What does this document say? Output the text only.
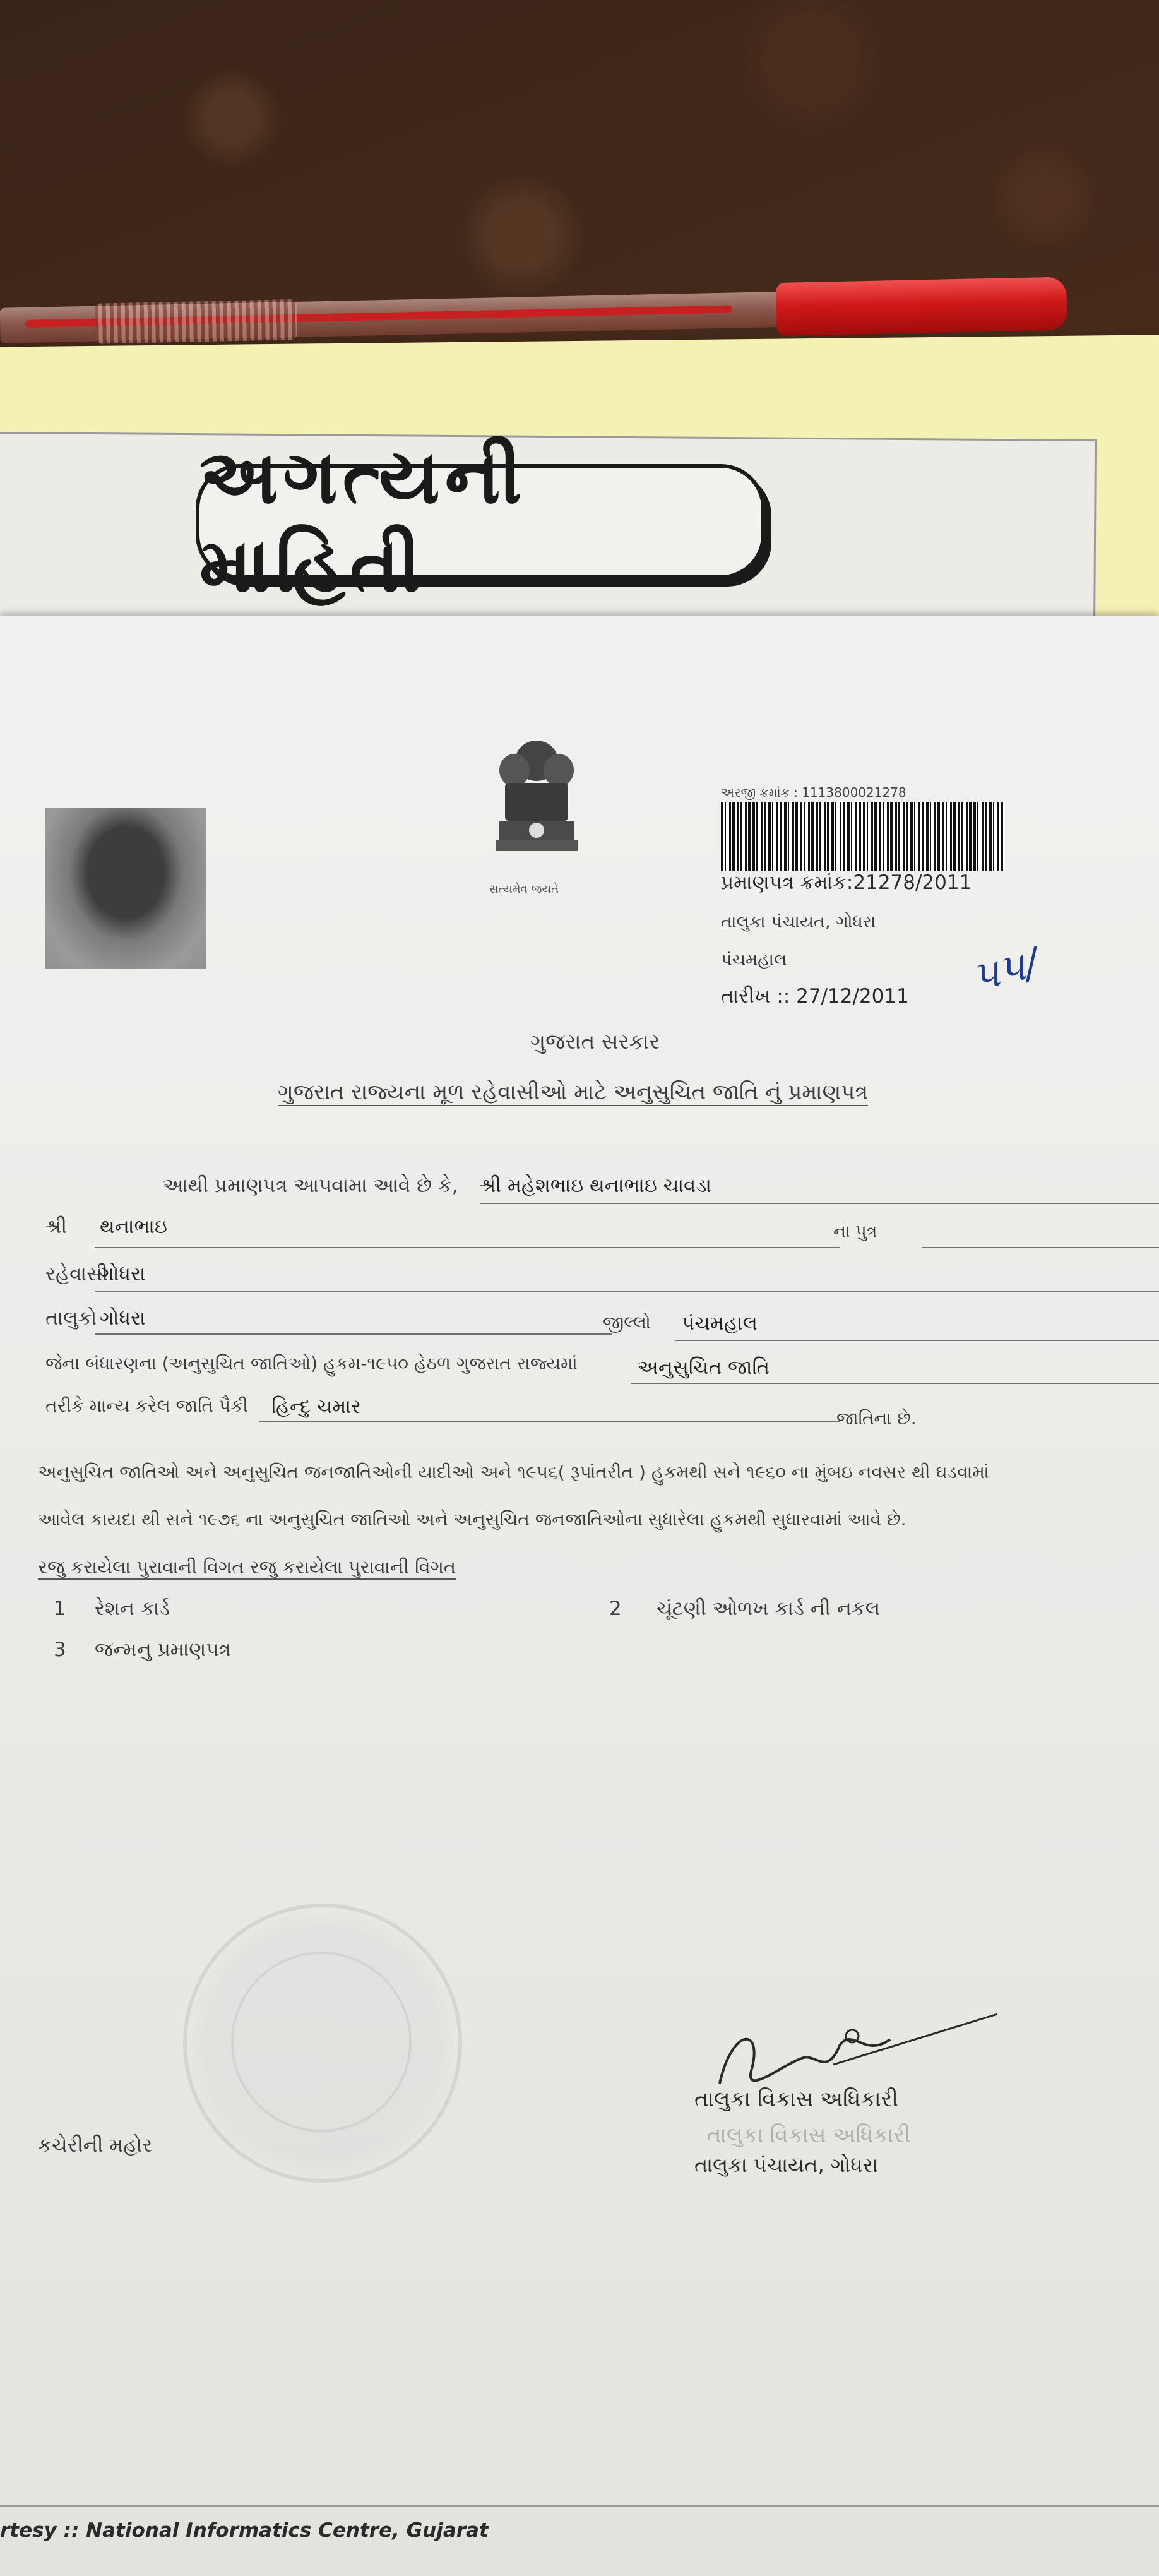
અગત્યની માહિતી
સત્યમેવ જયતે
અરજી ક્રમાંક : 1113800021278
પ્રમાણપત્ર ક્રમાંક:21278/2011
તાલુકા પંચાયત, ગોધરા
પંચમહાલ
તારીખ :: 27/12/2011 ૫૫/
ગુજરાત સરકાર
ગુજરાત રાજ્યના મૂળ રહેવાસીઓ માટે અનુસુચિત જાતિ નું પ્રમાણપત્ર
આથી પ્રમાણપત્ર આપવામા આવે છે કે, શ્રી મહેશભાઇ થનાભાઇ ચાવડા
શ્રી થનાભાઇ	ના પુત્ર
રહેવાસી
ગોધરા
તાલુકો ગોધરા	જીલ્લો પંચમહાલ
જેના બંધારણના (અનુસુચિત જાતિઓ) હુકમ-૧૯૫૦ હેઠળ ગુજરાત રાજ્યમાં	અનુસુચિત જાતિ
તરીકે માન્ય કરેલ જાતિ પૈકી હિન્દુ ચમાર
જાતિના છે.
અનુસુચિત જાતિઓ અને અનુસુચિત જનજાતિઓની યાદીઓ અને ૧૯૫૬( રૂપાંતરીત ) હુકમથી સને ૧૯૬૦ ના મુંબઇ નવસર થી ઘડવામાં
આવેલ કાયદા થી સને ૧૯૭૬ ના અનુસુચિત જાતિઓ અને અનુસુચિત જનજાતિઓના સુધારેલા હુકમથી સુધારવામાં આવે છે.
રજુ કરાયેલા પુરાવાની વિગત રજુ કરાયેલા પુરાવાની વિગત
1 રેશન કાર્ડ	2 ચૂંટણી ઓળખ કાર્ડ ની નકલ
3 જન્મનુ પ્રમાણપત્ર
કચેરીની મહોર
તાલુકા વિકાસ અધિકારી
તાલુકા વિકાસ અધિકારી
તાલુકા પંચાયત, ગોધરા
rtesy :: National Informatics Centre, Gujarat
